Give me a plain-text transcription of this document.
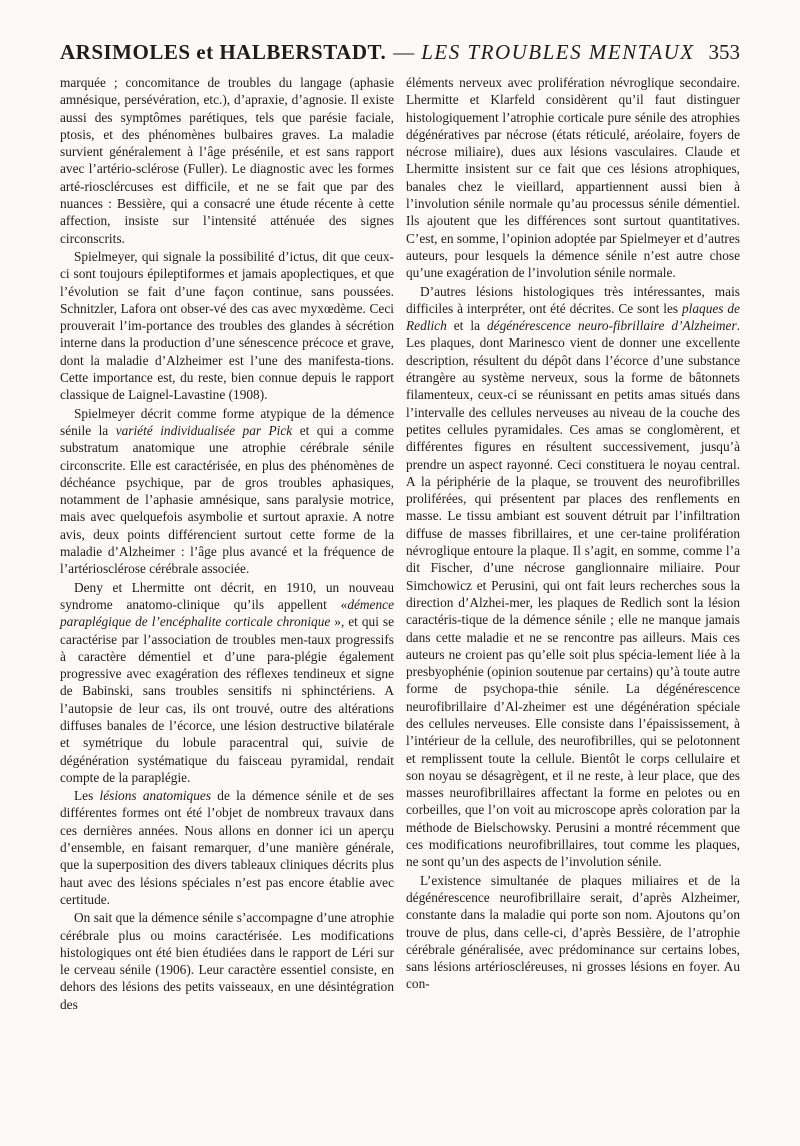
ARSIMOLES et HALBERSTADT. — LES TROUBLES MENTAUX 353

marquée ; concomitance de troubles du langage (aphasie amnésique, persévération, etc.), d’apraxie, d’agnosie. Il existe aussi des symptômes parétiques, tels que parésie faciale, ptosis, et des phénomènes bulbaires graves. La maladie survient généralement à l’âge présénile, et est sans rapport avec l’artério-sclérose (Fuller). Le diagnostic avec les formes arté-riosclércuses est difficile, et ne se fait que par des nuances : Bessière, qui a consacré une étude récente à cette affection, insiste sur l’intensité atténuée des signes circonscrits.

Spielmeyer, qui signale la possibilité d’ictus, dit que ceux-ci sont toujours épileptiformes et jamais apoplectiques, et que l’évolution se fait d’une façon continue, sans poussées. Schnitzler, Lafora ont obser-vé des cas avec myxœdème. Ceci prouverait l’im-portance des troubles des glandes à sécrétion interne dans la production d’une sénescence précoce et grave, dont la maladie d’Alzheimer est l’une des manifesta-tions. Cette importance est, du reste, bien connue depuis le rapport classique de Laignel-Lavastine (1908).

Spielmeyer décrit comme forme atypique de la démence sénile la variété individualisée par Pick et qui a comme substratum anatomique une atrophie cérébrale sénile circonscrite. Elle est caractérisée, en plus des phénomènes de déchéance psychique, par de gros troubles aphasiques, notamment de l’aphasie amnésique, sans paralysie motrice, mais avec quelquefois asymbolie et surtout apraxie. A notre avis, deux points différencient surtout cette forme de la maladie d’Alzheimer : l’âge plus avancé et la fréquence de l’artériosclérose cérébrale associée.

Deny et Lhermitte ont décrit, en 1910, un nouveau syndrome anatomo-clinique qu’ils appellent «démence paraplégique de l’encéphalite corticale chronique », et qui se caractérise par l’association de troubles men-taux progressifs à caractère démentiel et d’une para-plégie également progressive avec exagération des réflexes tendineux et signe de Babinski, sans troubles sensitifs ni sphinctériens. A l’autopsie de leur cas, ils ont trouvé, outre des altérations diffuses banales de l’écorce, une lésion destructive bilatérale et symétrique du lobule paracentral qui, suivie de dégénération systématique du faisceau pyramidal, rendait compte de la paraplégie.

Les lésions anatomiques de la démence sénile et de ses différentes formes ont été l’objet de nombreux travaux dans ces dernières années. Nous allons en donner ici un aperçu d’ensemble, en faisant remarquer, d’une manière générale, que la superposition des divers tableaux cliniques décrits plus haut avec des lésions spéciales n’est pas encore établie avec certitude.

On sait que la démence sénile s’accompagne d’une atrophie cérébrale plus ou moins caractérisée. Les modifications histologiques ont été bien étudiées dans le rapport de Léri sur le cerveau sénile (1906). Leur caractère essentiel consiste, en dehors des lésions des petits vaisseaux, en une désintégration des

éléments nerveux avec prolifération névroglique secondaire. Lhermitte et Klarfeld considèrent qu’il faut distinguer histologiquement l’atrophie corticale pure sénile des atrophies dégénératives par nécrose (états réticulé, aréolaire, foyers de nécrose miliaire), dues aux lésions vasculaires. Claude et Lhermitte insistent sur ce fait que ces lésions atrophiques, banales chez le vieillard, appartiennent aussi bien à l’involution sénile normale qu’au processus sénile démentiel. Ils ajoutent que les différences sont surtout quantitatives. C’est, en somme, l’opinion adoptée par Spielmeyer et d’autres auteurs, pour lesquels la démence sénile n’est autre chose qu’une exagération de l’involution sénile normale.

D’autres lésions histologiques très intéressantes, mais difficiles à interpréter, ont été décrites. Ce sont les plaques de Redlich et la dégénérescence neuro-fibrillaire d’Alzheimer. Les plaques, dont Marinesco vient de donner une excellente description, résultent du dépôt dans l’écorce d’une substance étrangère au système nerveux, sous la forme de bâtonnets filamenteux, ceux-ci se réunissant en petits amas situés dans l’intervalle des cellules nerveuses au niveau de la couche des petites cellules pyramidales. Ces amas se conglomèrent, et différentes figures en résultent successivement, jusqu’à prendre un aspect rayonné. Ceci constituera le noyau central. A la périphérie de la plaque, se trouvent des neurofibrilles proliférées, qui présentent par places des renflements en masse. Le tissu ambiant est souvent détruit par l’infiltration diffuse de masses fibrillaires, et une cer-taine prolifération névroglique entoure la plaque. Il s’agit, en somme, comme l’a dit Fischer, d’une nécrose ganglionnaire miliaire. Pour Simchowicz et Perusini, qui ont fait leurs recherches sous la direction d’Alzhei-mer, les plaques de Redlich sont la lésion caractéris-tique de la démence sénile ; elle ne manque jamais dans cette maladie et ne se rencontre pas ailleurs. Mais ces auteurs ne croient pas qu’elle soit plus spécia-lement liée à la presbyophénie (opinion soutenue par certains) qu’à toute autre forme de psychopa-thie sénile. La dégénérescence neurofibrillaire d’Al-zheimer est une dégénération spéciale des cellules nerveuses. Elle consiste dans l’épaississement, à l’intérieur de la cellule, des neurofibrilles, qui se pelotonnent et remplissent toute la cellule. Bientôt le corps cellulaire et son noyau se désagrègent, et il ne reste, à leur place, que des masses neurofibrillaires affectant la forme en pelotes ou en corbeilles, que l’on voit au microscope après coloration par la méthode de Bielschowsky. Perusini a montré récemment que ces modifications neurofibrillaires, tout comme les plaques, ne sont qu’un des aspects de l’involution sénile.

L’existence simultanée de plaques miliaires et de la dégénérescence neurofibrillaire serait, d’après Alzheimer, constante dans la maladie qui porte son nom. Ajoutons qu’on trouve de plus, dans celle-ci, d’après Bessière, de l’atrophie cérébrale généralisée, avec prédominance sur certains lobes, sans lésions artérioscléreuses, ni grosses lésions en foyer. Au con-
